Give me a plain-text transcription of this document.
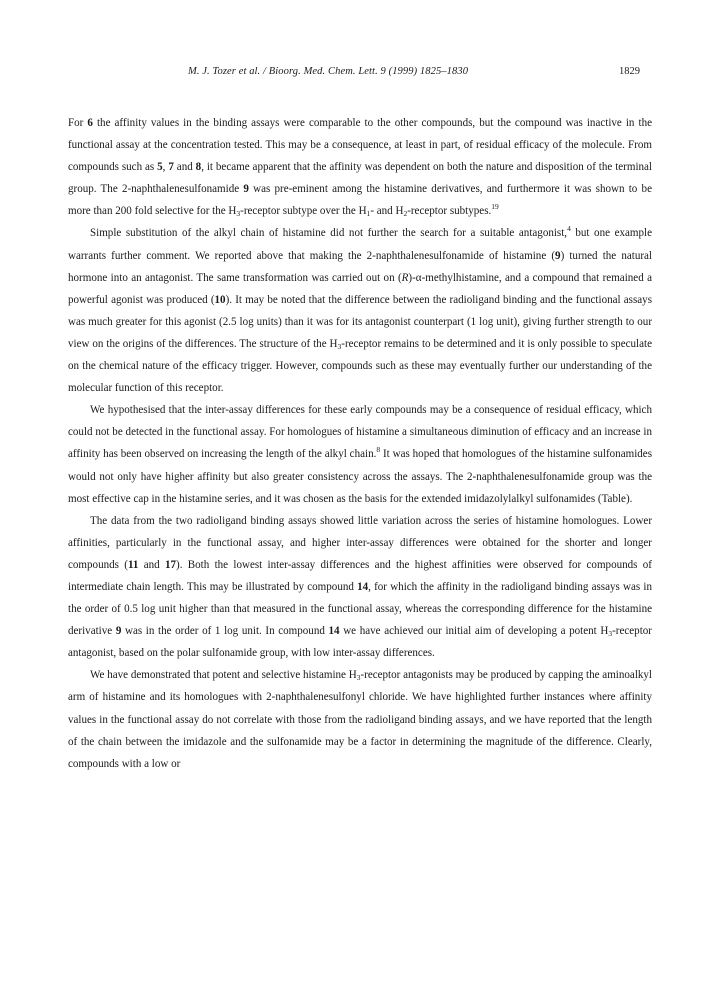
M. J. Tozer et al. / Bioorg. Med. Chem. Lett. 9 (1999) 1825–1830	1829

For 6 the affinity values in the binding assays were comparable to the other compounds, but the compound was inactive in the functional assay at the concentration tested. This may be a consequence, at least in part, of residual efficacy of the molecule. From compounds such as 5, 7 and 8, it became apparent that the affinity was dependent on both the nature and disposition of the terminal group. The 2-naphthalenesulfonamide 9 was pre-eminent among the histamine derivatives, and furthermore it was shown to be more than 200 fold selective for the $H_3$-receptor subtype over the $H_1-$ and $H_2$-receptor subtypes.$^{19}$

Simple substitution of the alkyl chain of histamine did not further the search for a suitable antagonist,$^4$ but one example warrants further comment. We reported above that making the 2-naphthalenesulfonamide of histamine (9) turned the natural hormone into an antagonist. The same transformation was carried out on (R)-α-methylhistamine, and a compound that remained a powerful agonist was produced (10). It may be noted that the difference between the radioligand binding and the functional assays was much greater for this agonist (2.5 log units) than it was for its antagonist counterpart (1 log unit), giving further strength to our view on the origins of the differences. The structure of the $H_3$-receptor remains to be determined and it is only possible to speculate on the chemical nature of the efficacy trigger. However, compounds such as these may eventually further our understanding of the molecular function of this receptor.

We hypothesised that the inter-assay differences for these early compounds may be a consequence of residual efficacy, which could not be detected in the functional assay. For homologues of histamine a simultaneous diminution of efficacy and an increase in affinity has been observed on increasing the length of the alkyl chain.$^8$ It was hoped that homologues of the histamine sulfonamides would not only have higher affinity but also greater consistency across the assays. The 2-naphthalenesulfonamide group was the most effective cap in the histamine series, and it was chosen as the basis for the extended imidazolylalkyl sulfonamides (Table).

The data from the two radioligand binding assays showed little variation across the series of histamine homologues. Lower affinities, particularly in the functional assay, and higher inter-assay differences were obtained for the shorter and longer compounds (11 and 17). Both the lowest inter-assay differences and the highest affinities were observed for compounds of intermediate chain length. This may be illustrated by compound 14, for which the affinity in the radioligand binding assays was in the order of 0.5 log unit higher than that measured in the functional assay, whereas the corresponding difference for the histamine derivative 9 was in the order of 1 log unit. In compound 14 we have achieved our initial aim of developing a potent $H_3$-receptor antagonist, based on the polar sulfonamide group, with low inter-assay differences.

We have demonstrated that potent and selective histamine $H_3$-receptor antagonists may be produced by capping the aminoalkyl arm of histamine and its homologues with 2-naphthalenesulfonyl chloride. We have highlighted further instances where affinity values in the functional assay do not correlate with those from the radioligand binding assays, and we have reported that the length of the chain between the imidazole and the sulfonamide may be a factor in determining the magnitude of the difference. Clearly, compounds with a low or
